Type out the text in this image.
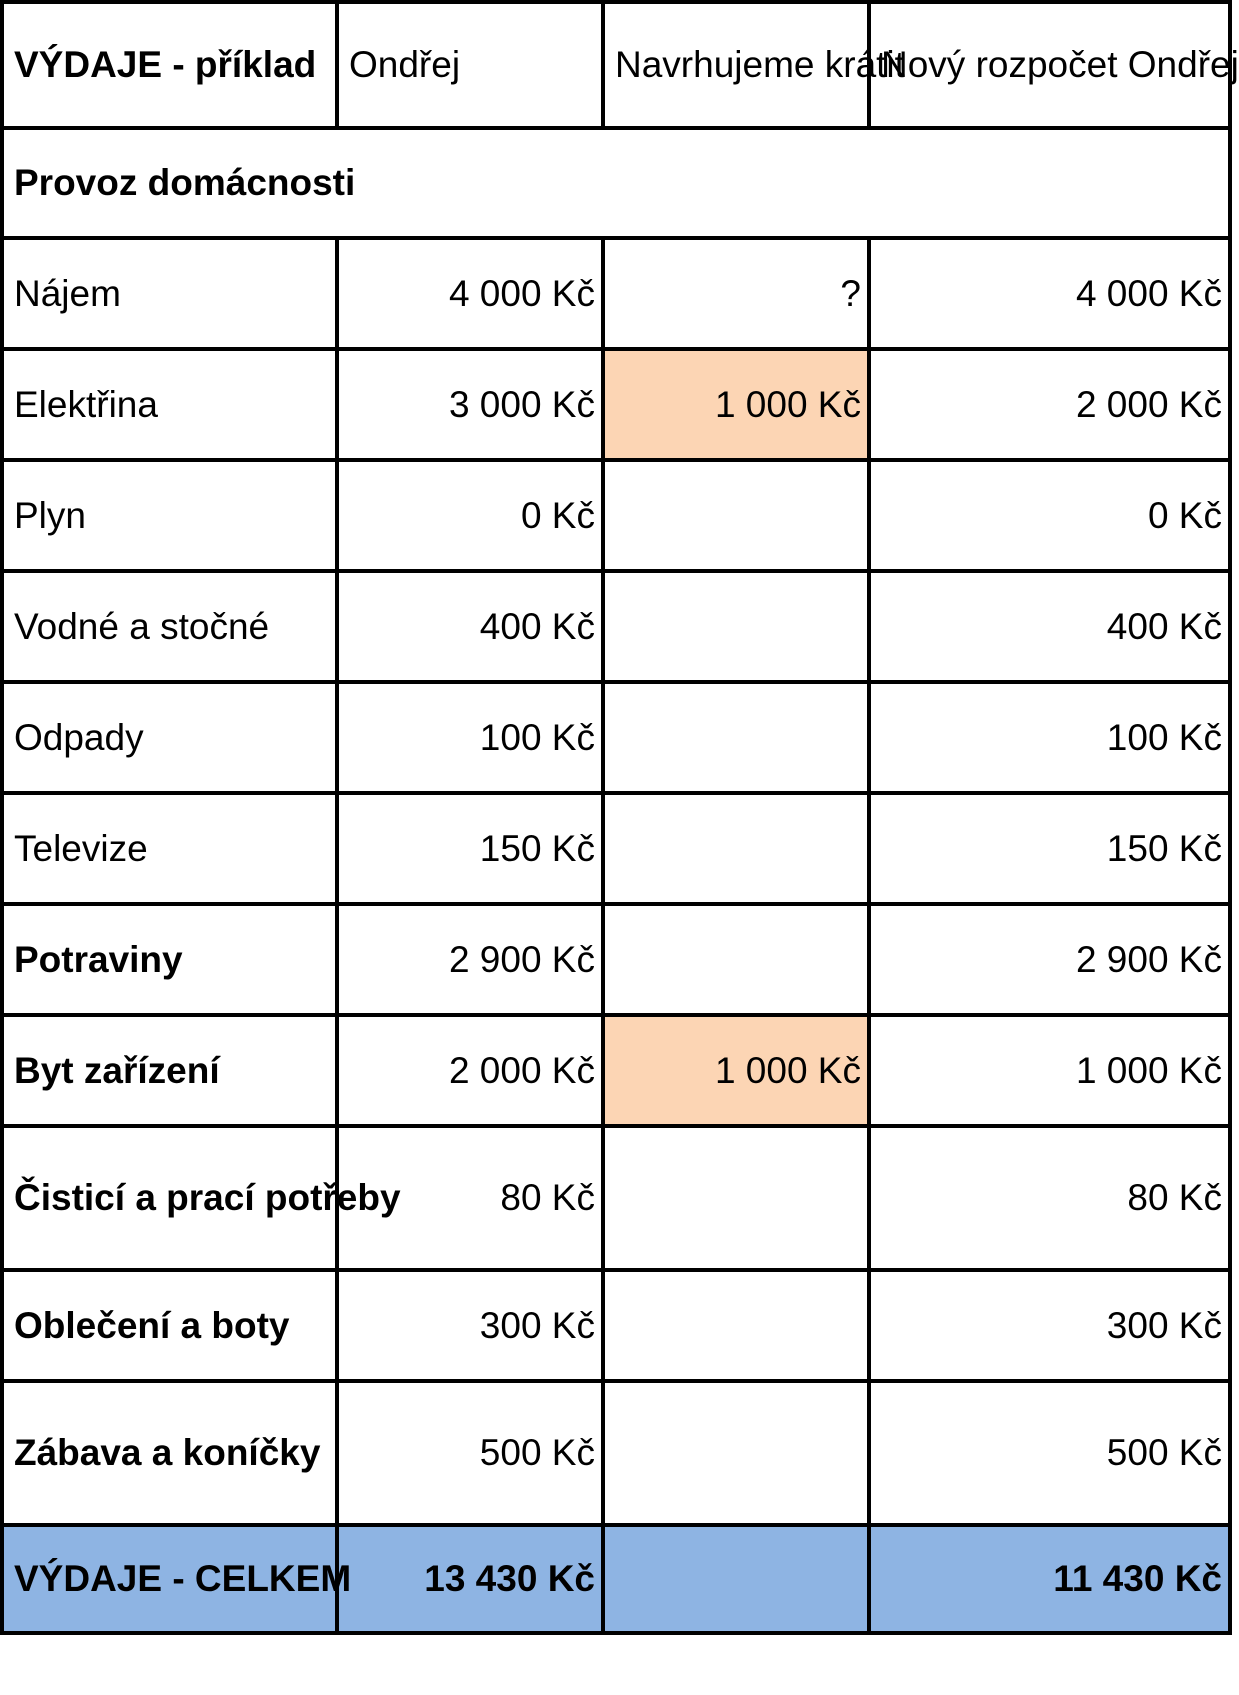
VÝDAJE - příklad	Ondřej	Navrhujeme krátit	Nový rozpočet Ondřej
Provoz domácnosti			
Nájem	4 000 Kč	?	4 000 Kč
Elektřina	3 000 Kč	1 000 Kč	2 000 Kč
Plyn	0 Kč		0 Kč
Vodné a stočné	400 Kč		400 Kč
Odpady	100 Kč		100 Kč
Televize	150 Kč		150 Kč
Potraviny	2 900 Kč		2 900 Kč
Byt zařízení	2 000 Kč	1 000 Kč	1 000 Kč
Čisticí a prací potřeby	80 Kč		80 Kč
Oblečení a boty	300 Kč		300 Kč
Zábava a koníčky	500 Kč		500 Kč
VÝDAJE - CELKEM	13 430 Kč		11 430 Kč
